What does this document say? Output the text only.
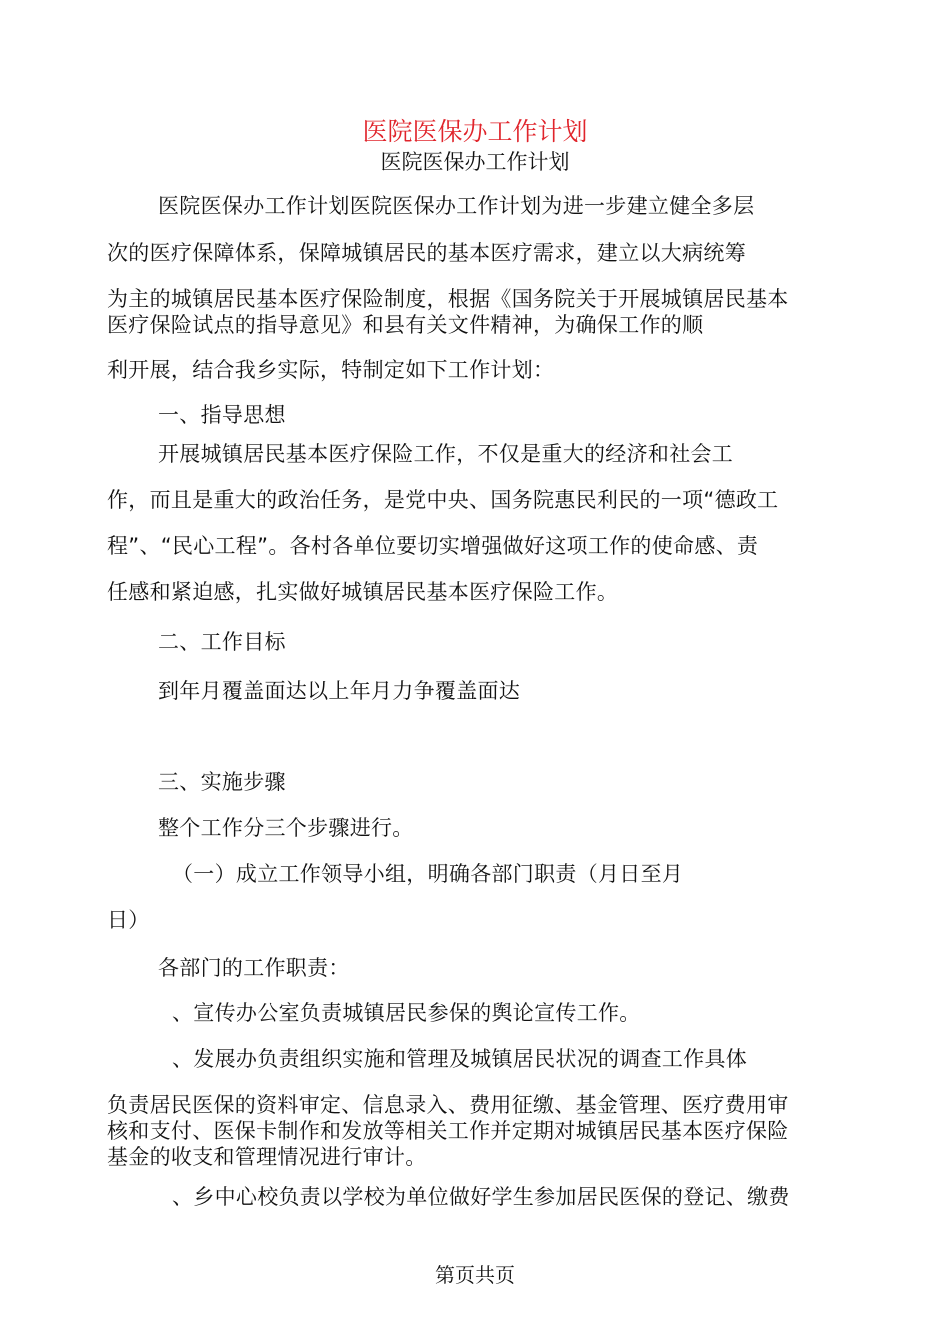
医院医保办工作计划
医院医保办工作计划
医院医保办工作计划医院医保办工作计划为进一步建立健全多层
次的医疗保障体系，保障城镇居民的基本医疗需求，建立以大病统筹
为主的城镇居民基本医疗保险制度，根据《国务院关于开展城镇居民基本
医疗保险试点的指导意见》和县有关文件精神，为确保工作的顺
利开展，结合我乡实际，特制定如下工作计划：
一、指导思想
开展城镇居民基本医疗保险工作，不仅是重大的经济和社会工
作，而且是重大的政治任务，是党中央、国务院惠民利民的一项“德政工
程”、“民心工程”。各村各单位要切实增强做好这项工作的使命感、责
任感和紧迫感，扎实做好城镇居民基本医疗保险工作。
二、工作目标
到年月覆盖面达以上年月力争覆盖面达
三、实施步骤
整个工作分三个步骤进行。
（一）成立工作领导小组，明确各部门职责（月日至月
日）
各部门的工作职责：
、宣传办公室负责城镇居民参保的舆论宣传工作。
、发展办负责组织实施和管理及城镇居民状况的调查工作具体
负责居民医保的资料审定、信息录入、费用征缴、基金管理、医疗费用审
核和支付、医保卡制作和发放等相关工作并定期对城镇居民基本医疗保险
基金的收支和管理情况进行审计。
、乡中心校负责以学校为单位做好学生参加居民医保的登记、缴费
第页共页
